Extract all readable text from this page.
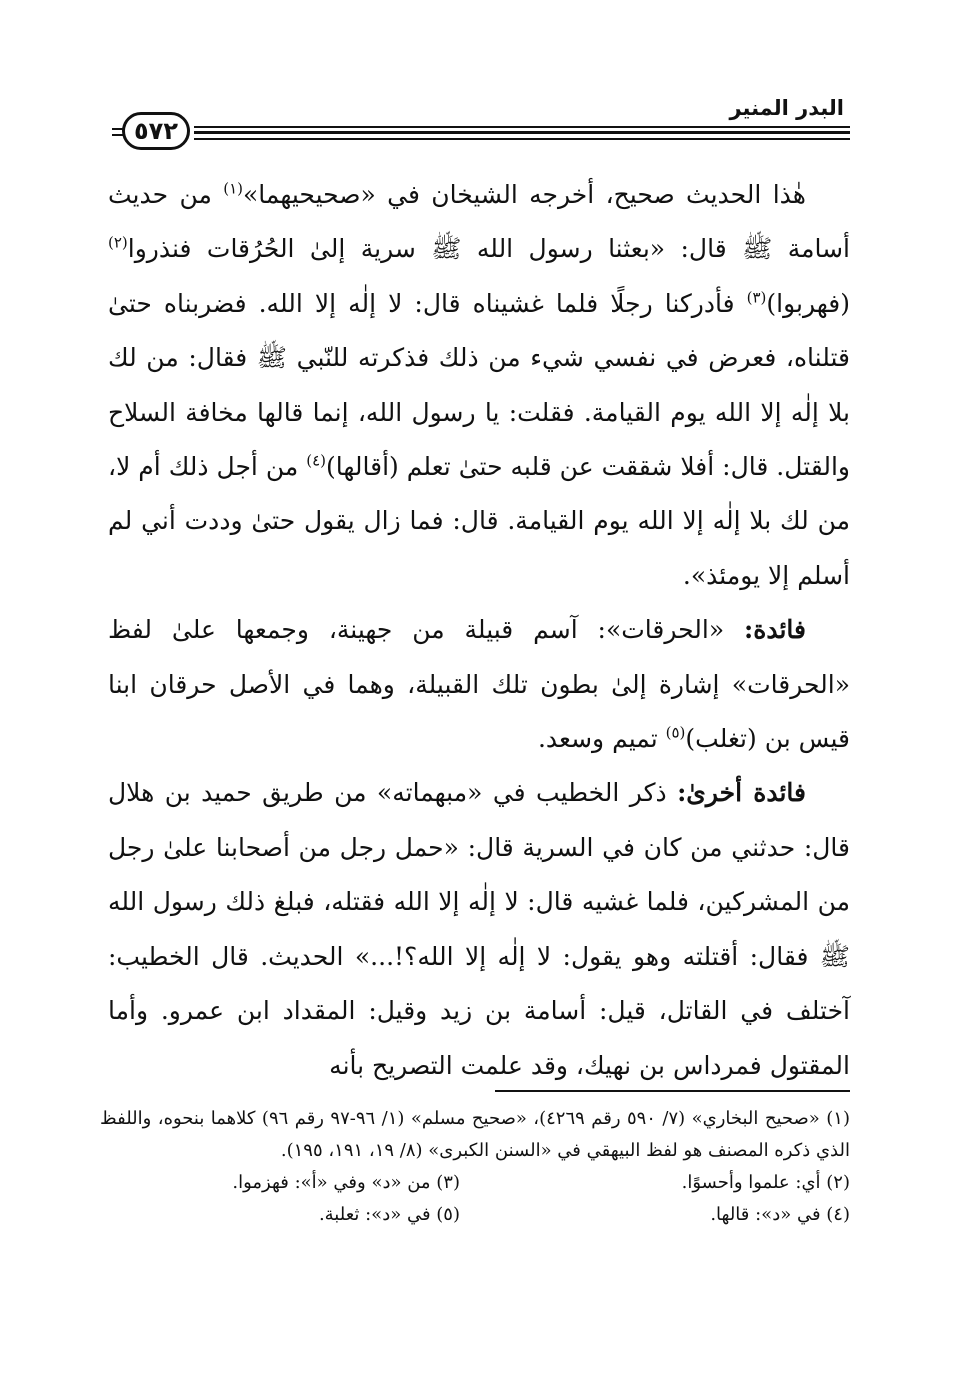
البدر المنير
٥٧٢

هٰذا الحديث صحيح، أخرجه الشيخان في «صحيحيهما»$^{(١)}$ من حديث أسامة ﷺ قال: «بعثنا رسول الله ﷺ سرية إلىٰ الحُرُقات فنذروا$^{(٢)}$ (فهربوا)$^{(٣)}$ فأدركنا رجلًا فلما غشيناه قال: لا إلٰه إلا الله. فضربناه حتىٰ قتلناه، فعرض في نفسي شيء من ذلك فذكرته للنّبي ﷺ فقال: من لك بلا إلٰه إلا الله يوم القيامة. فقلت: يا رسول الله، إنما قالها مخافة السلاح والقتل. قال: أفلا شققت عن قلبه حتىٰ تعلم (أقالها)$^{(٤)}$ من أجل ذلك أم لا، من لك بلا إلٰه إلا الله يوم القيامة. قال: فما زال يقول حتىٰ وددت أني لم أسلم إلا يومئذ».

فائدة: «الحرقات»: آسم قبيلة من جهينة، وجمعها علىٰ لفظ «الحرقات» إشارة إلىٰ بطون تلك القبيلة، وهما في الأصل حرقان ابنا قيس بن (تغلب)$^{(٥)}$ تميم وسعد.

فائدة أخرىٰ: ذكر الخطيب في «مبهماته» من طريق حميد بن هلال قال: حدثني من كان في السرية قال: «حمل رجل من أصحابنا علىٰ رجل من المشركين، فلما غشيه قال: لا إلٰه إلا الله فقتله، فبلغ ذلك رسول الله ﷺ فقال: أقتلته وهو يقول: لا إلٰه إلا الله؟!...» الحديث. قال الخطيب: آختلف في القاتل، قيل: أسامة بن زيد وقيل: المقداد ابن عمرو. وأما المقتول فمرداس بن نهيك، وقد علمت التصريح بأنه

(١) «صحيح البخاري» (٧/ ٥٩٠ رقم ٤٢٦٩)، «صحيح مسلم» (١/ ٩٦-٩٧ رقم ٩٦) كلاهما بنحوه، واللفظ الذي ذكره المصنف هو لفظ البيهقي في «السنن الكبرى» (٨/ ١٩، ١٩١، ١٩٥).

(٢) أي: علموا وأحسوًا.
(٣) من «د» وفي «أ»: فهزموا.
(٤) في «د»: قالها.
(٥) في «د»: ثعلبة.
